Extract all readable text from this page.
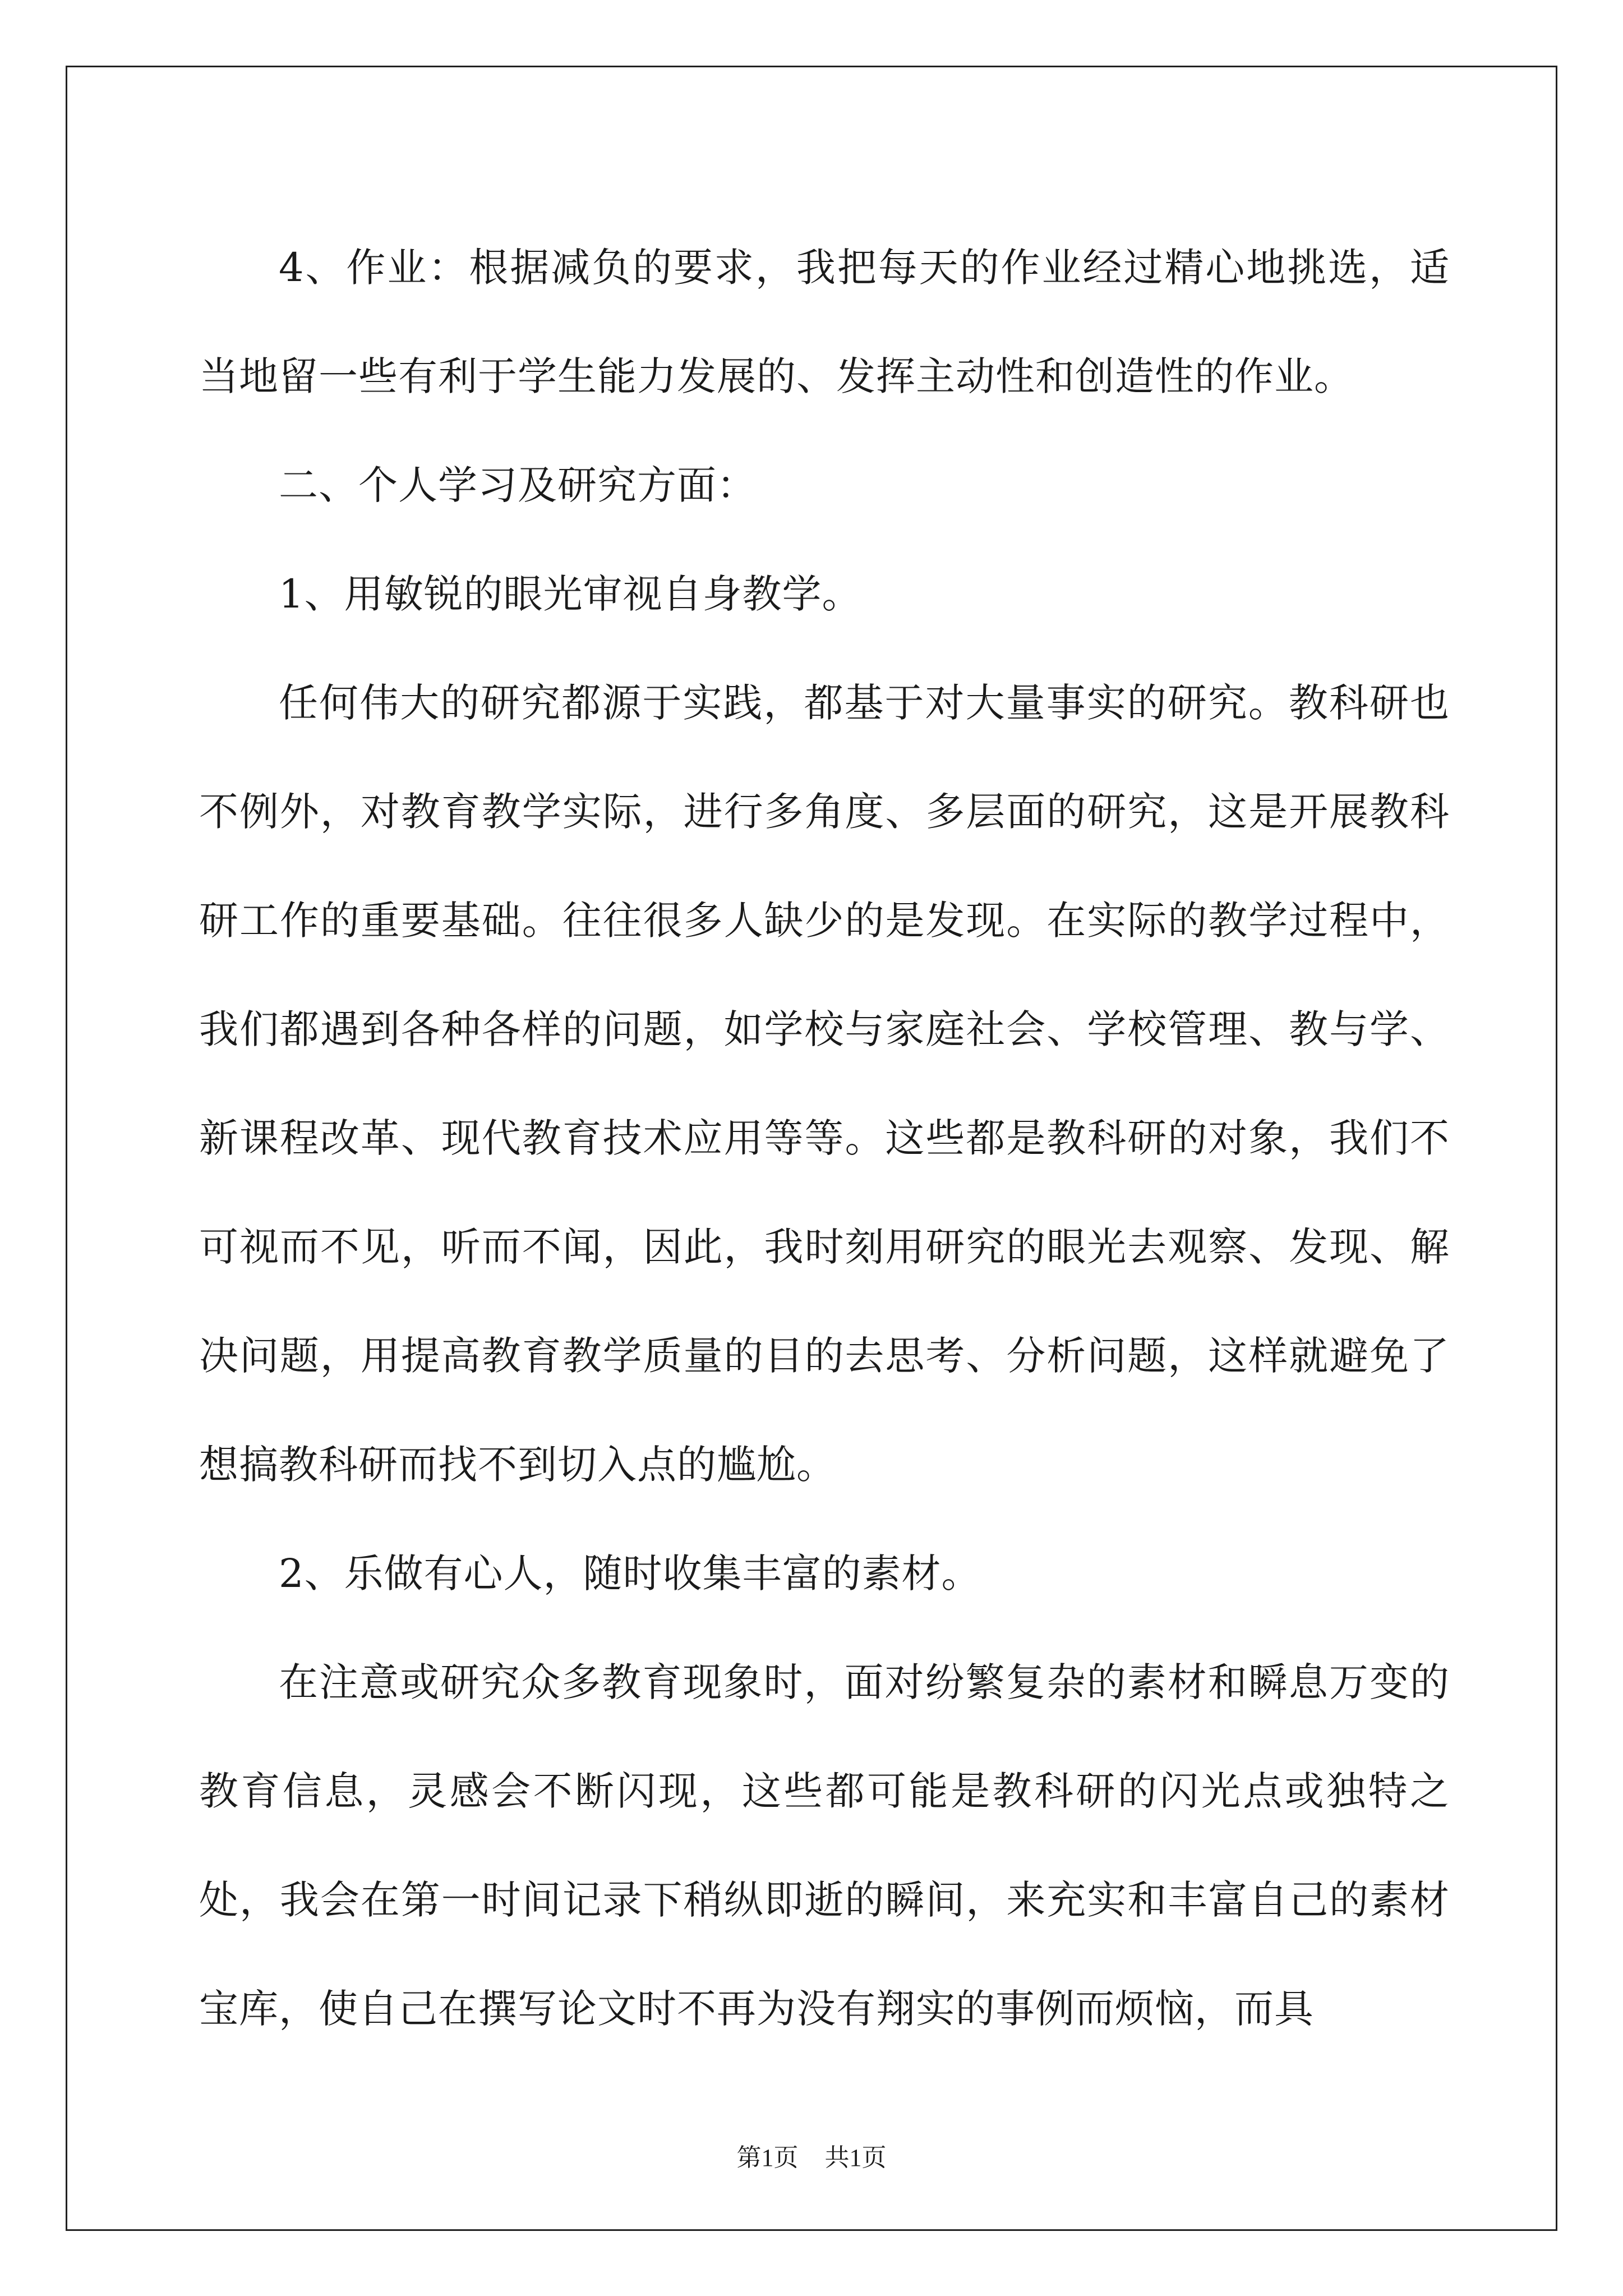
4、作业：根据减负的要求，我把每天的作业经过精心地挑选，适当地留一些有利于学生能力发展的、发挥主动性和创造性的作业。

二、个人学习及研究方面：

1、用敏锐的眼光审视自身教学。

任何伟大的研究都源于实践，都基于对大量事实的研究。教科研也不例外，对教育教学实际，进行多角度、多层面的研究，这是开展教科研工作的重要基础。往往很多人缺少的是发现。在实际的教学过程中，我们都遇到各种各样的问题，如学校与家庭社会、学校管理、教与学、新课程改革、现代教育技术应用等等。这些都是教科研的对象，我们不可视而不见，听而不闻，因此，我时刻用研究的眼光去观察、发现、解决问题，用提高教育教学质量的目的去思考、分析问题，这样就避免了想搞教科研而找不到切入点的尴尬。

2、乐做有心人，随时收集丰富的素材。

在注意或研究众多教育现象时，面对纷繁复杂的素材和瞬息万变的教育信息，灵感会不断闪现，这些都可能是教科研的闪光点或独特之处，我会在第一时间记录下稍纵即逝的瞬间，来充实和丰富自己的素材宝库，使自己在撰写论文时不再为没有翔实的事例而烦恼，而具

第1页 共1页
